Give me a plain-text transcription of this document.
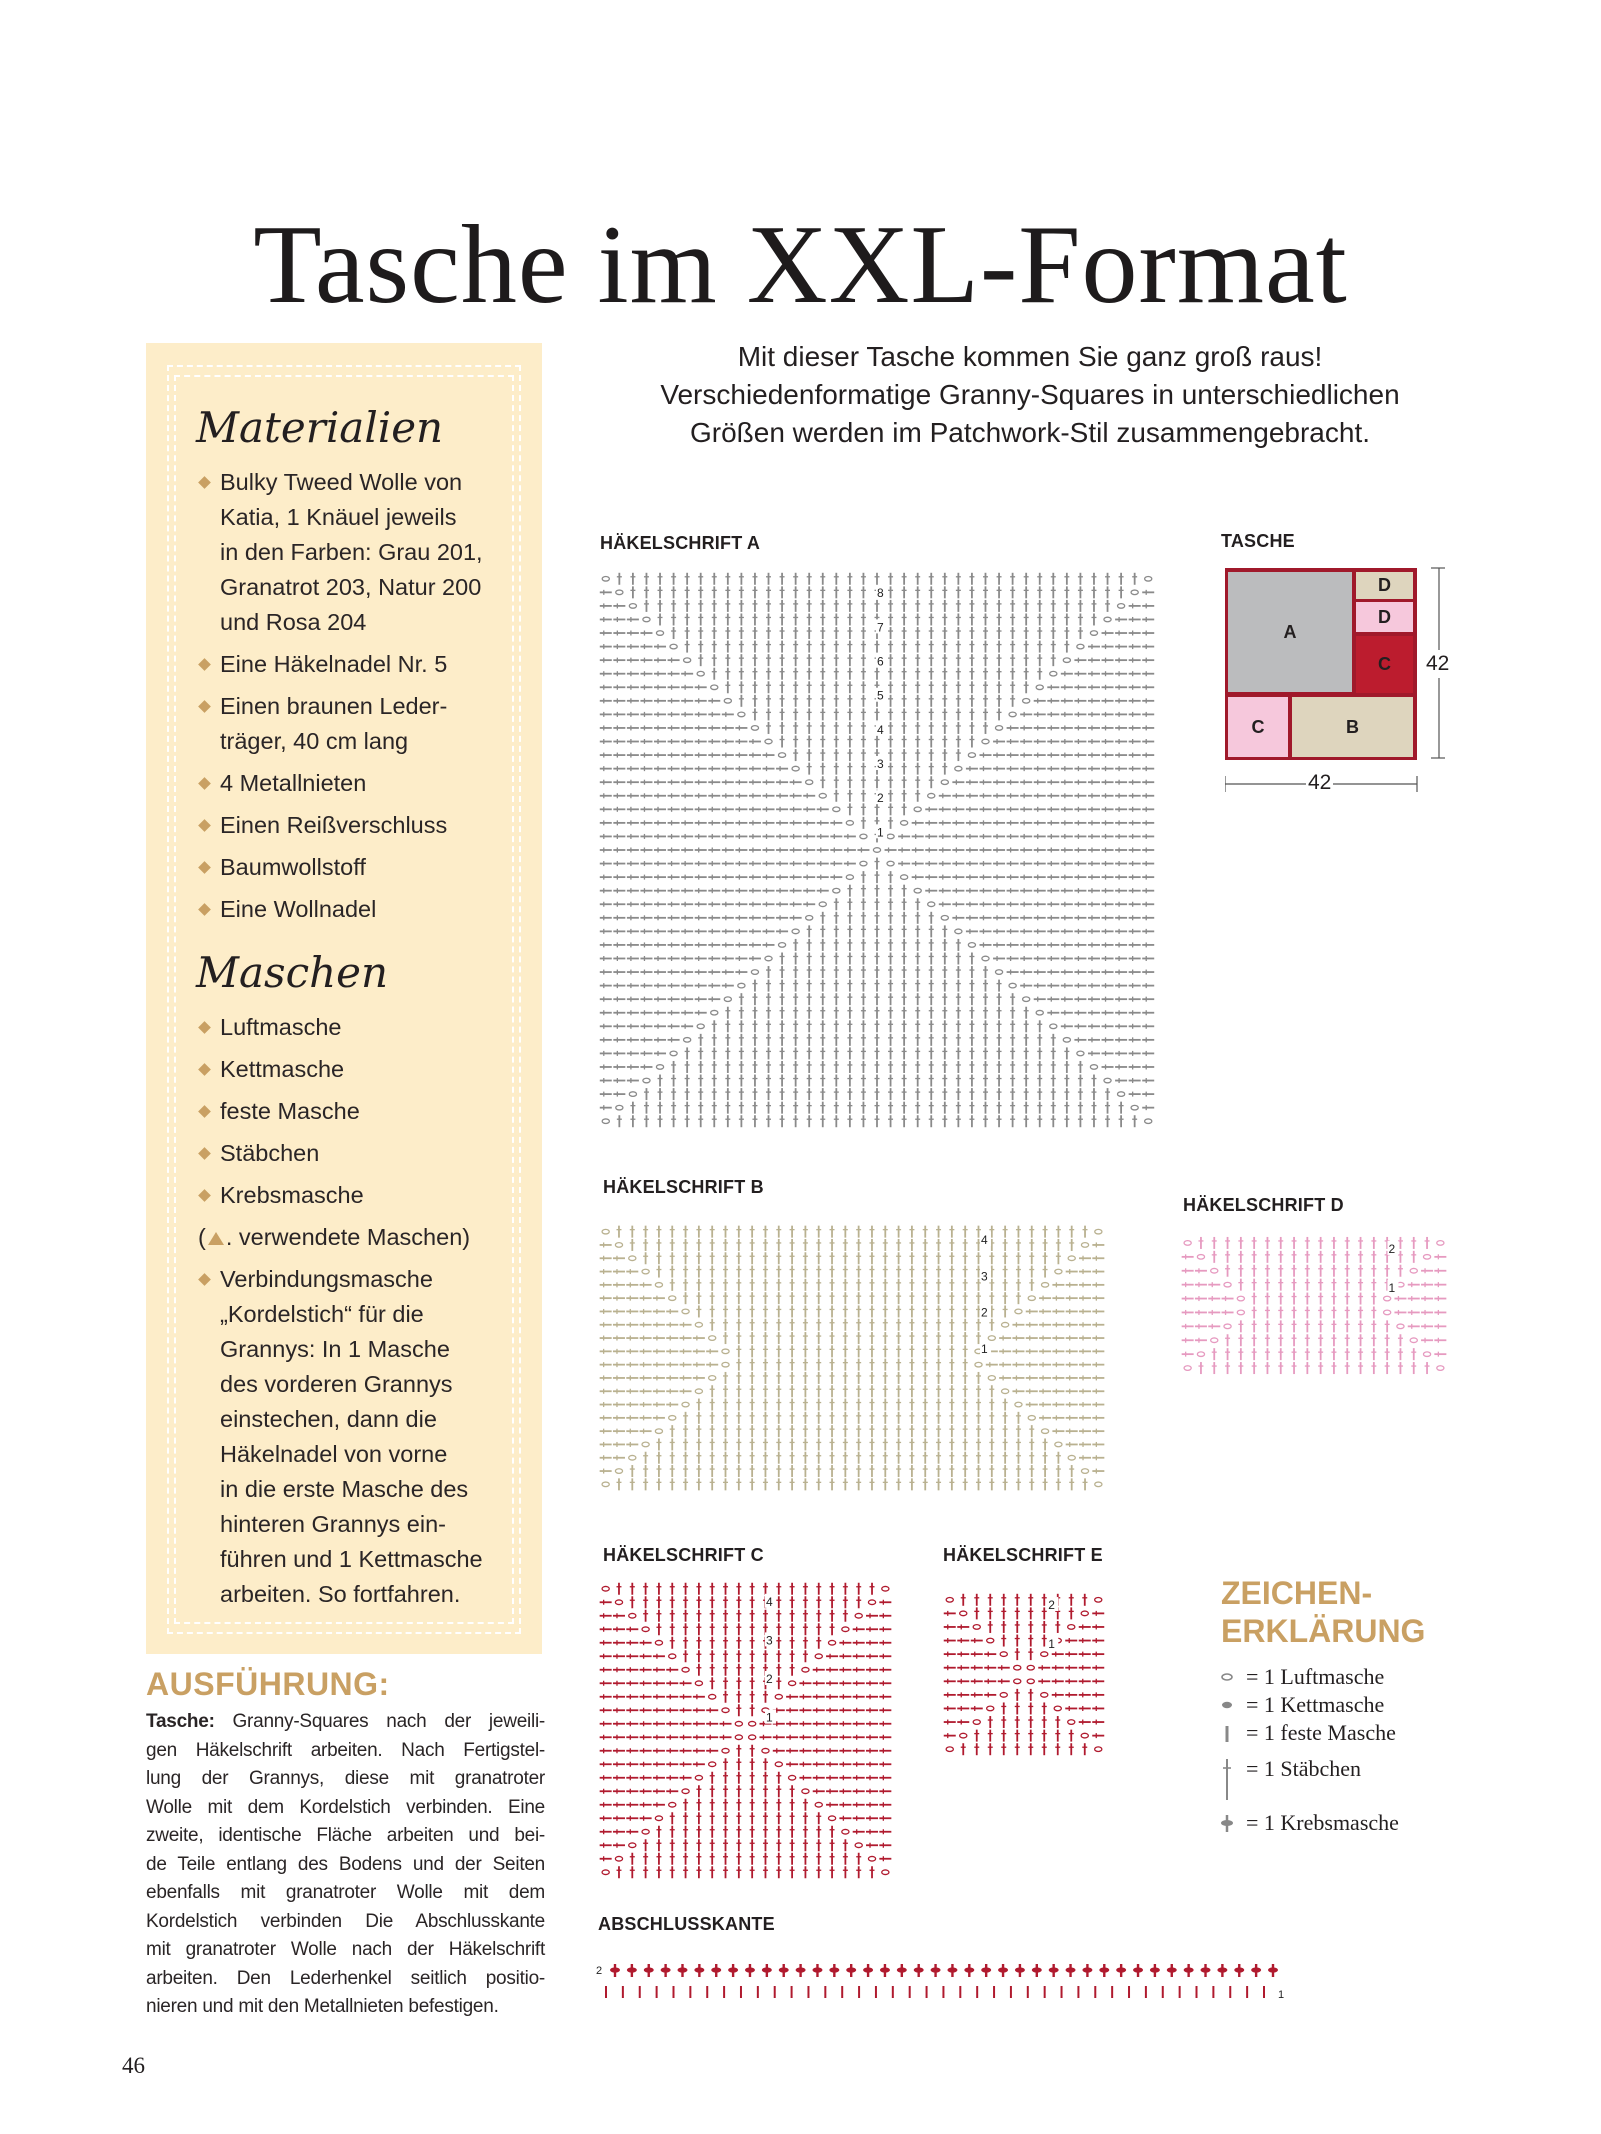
Tasche im XXL-Format
Materialien
Bulky Tweed Wolle von
Katia, 1 Knäuel jeweils
in den Farben: Grau 201,
Granatrot 203, Natur 200
und Rosa 204
Eine Häkelnadel Nr. 5
Einen braunen Leder-
träger, 40 cm lang
4 Metallnieten
Einen Reißverschluss
Baumwollstoff
Eine Wollnadel
Maschen
Luftmasche
Kettmasche
feste Masche
Stäbchen
Krebsmasche
( . verwendete Maschen)
Verbindungsmasche
„Kordelstich“ für die
Grannys: In 1 Masche
des vorderen Grannys
einstechen, dann die
Häkelnadel von vorne
in die erste Masche des
hinteren Grannys ein-
führen und 1 Kettmasche
arbeiten. So fortfahren.
AUSFÜHRUNG:
Tasche: Granny-Squares nach der jeweili-
gen Häkelschrift arbeiten. Nach Fertigstel-
lung der Grannys, diese mit granatroter
Wolle mit dem Kordelstich verbinden. Eine
zweite, identische Fläche arbeiten und bei-
de Teile entlang des Bodens und der Seiten
ebenfalls mit granatroter Wolle mit dem
Kordelstich verbinden Die Abschlusskante
mit granatroter Wolle nach der Häkelschrift
arbeiten. Den Lederhenkel seitlich positio-
nieren und mit den Metallnieten befestigen.
46
Mit dieser Tasche kommen Sie ganz groß raus!
Verschiedenformatige Granny-Squares in unterschiedlichen
Größen werden im Patchwork-Stil zusammengebracht.
HÄKELSCHRIFT A
HÄKELSCHRIFT B
HÄKELSCHRIFT D
HÄKELSCHRIFT C	HÄKELSCHRIFT E
1
2
3
4
5
6
7
8
1
2
3
4
1
2
1
2
3
4
1
2
TASCHE
A
D
D
C
C	B
42
42
ZEICHEN-
ERKLÄRUNG
= 1 Luftmasche
= 1 Kettmasche
= 1 feste Masche
= 1 Stäbchen
= 1 Krebsmasche
ABSCHLUSSKANTE
2
1
